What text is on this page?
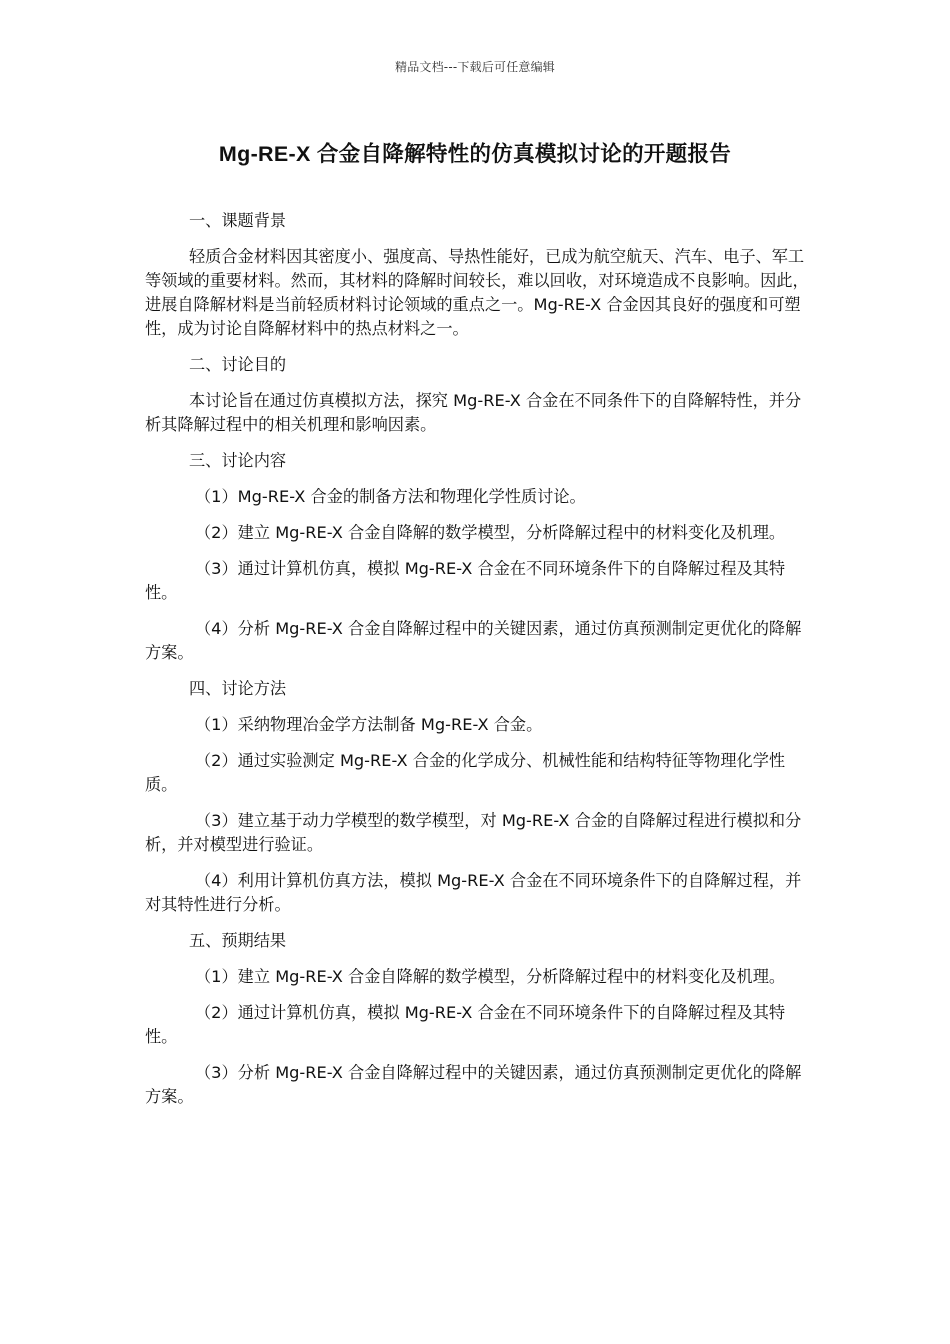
精品文档---下载后可任意编辑
Mg-RE-X 合金自降解特性的仿真模拟讨论的开题报告

一、课题背景

轻质合金材料因其密度小、强度高、导热性能好，已成为航空航天、汽车、电子、军工等领域的重要材料。然而，其材料的降解时间较长，难以回收，对环境造成不良影响。因此，进展自降解材料是当前轻质材料讨论领域的重点之一。Mg-RE-X 合金因其良好的强度和可塑性，成为讨论自降解材料中的热点材料之一。

二、讨论目的

本讨论旨在通过仿真模拟方法，探究 Mg-RE-X 合金在不同条件下的自降解特性，并分析其降解过程中的相关机理和影响因素。

三、讨论内容

（1）Mg-RE-X 合金的制备方法和物理化学性质讨论。

（2）建立 Mg-RE-X 合金自降解的数学模型，分析降解过程中的材料变化及机理。

（3）通过计算机仿真，模拟 Mg-RE-X 合金在不同环境条件下的自降解过程及其特性。

（4）分析 Mg-RE-X 合金自降解过程中的关键因素，通过仿真预测制定更优化的降解方案。

四、讨论方法

（1）采纳物理冶金学方法制备 Mg-RE-X 合金。

（2）通过实验测定 Mg-RE-X 合金的化学成分、机械性能和结构特征等物理化学性质。

（3）建立基于动力学模型的数学模型，对 Mg-RE-X 合金的自降解过程进行模拟和分析，并对模型进行验证。

（4）利用计算机仿真方法，模拟 Mg-RE-X 合金在不同环境条件下的自降解过程，并对其特性进行分析。

五、预期结果

（1）建立 Mg-RE-X 合金自降解的数学模型，分析降解过程中的材料变化及机理。

（2）通过计算机仿真，模拟 Mg-RE-X 合金在不同环境条件下的自降解过程及其特性。

（3）分析 Mg-RE-X 合金自降解过程中的关键因素，通过仿真预测制定更优化的降解方案。
